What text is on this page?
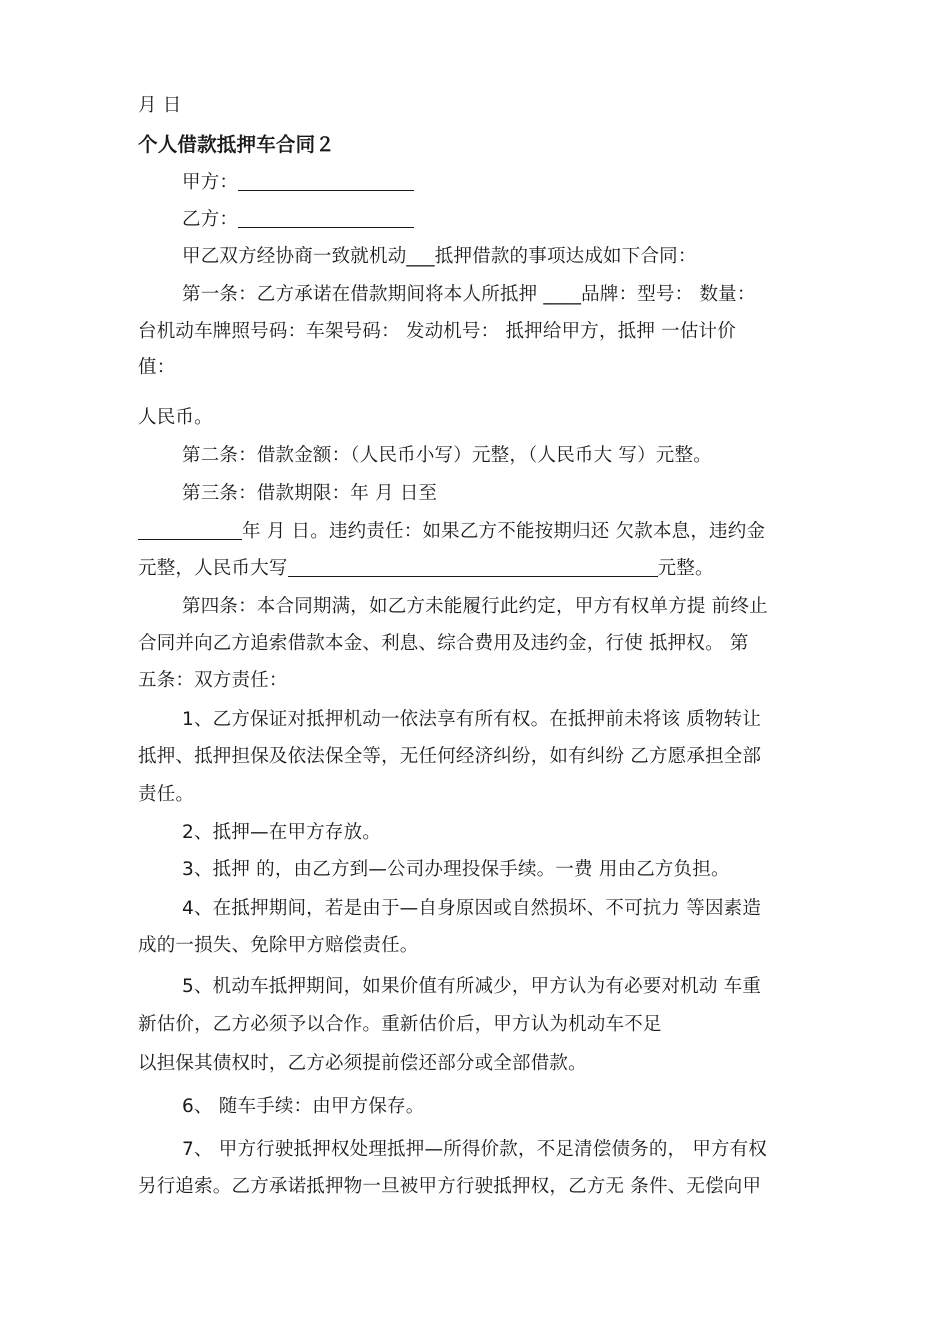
月 日
个人借款抵押车合同２
甲方：
乙方：
甲乙双方经协商一致就机动___抵押借款的事项达成如下合同：
第一条：乙方承诺在借款期间将本人所抵押 ____品牌：型号： 数量：
台机动车牌照号码：车架号码： 发动机号： 抵押给甲方，抵押 一估计价
值：
人民币。
第二条：借款金额：（人民币小写）元整，（人民币大 写）元整。
第三条：借款期限：年 月 日至
年 月 日。违约责任：如果乙方不能按期归还 欠款本息，违约金
元整，人民币大写	元整。
第四条：本合同期满，如乙方未能履行此约定，甲方有权单方提 前终止
合同并向乙方追索借款本金、利息、综合费用及违约金，行使 抵押权。 第
五条：双方责任：
1、乙方保证对抵押机动一依法享有所有权。在抵押前未将该 质物转让
抵押、抵押担保及依法保全等，无任何经济纠纷，如有纠纷 乙方愿承担全部
责任。
2、抵押—在甲方存放。
3、抵押 的，由乙方到—公司办理投保手续。一费 用由乙方负担。
4、在抵押期间，若是由于—自身原因或自然损坏、不可抗力 等因素造
成的一损失、免除甲方赔偿责任。
5、机动车抵押期间，如果价值有所减少，甲方认为有必要对机动 车重
新估价，乙方必须予以合作。重新估价后，甲方认为机动车不足
以担保其债权时，乙方必须提前偿还部分或全部借款。
6、 随车手续：由甲方保存。
7、 甲方行驶抵押权处理抵押—所得价款，不足清偿债务的， 甲方有权
另行追索。乙方承诺抵押物一旦被甲方行驶抵押权，乙方无 条件、无偿向甲
